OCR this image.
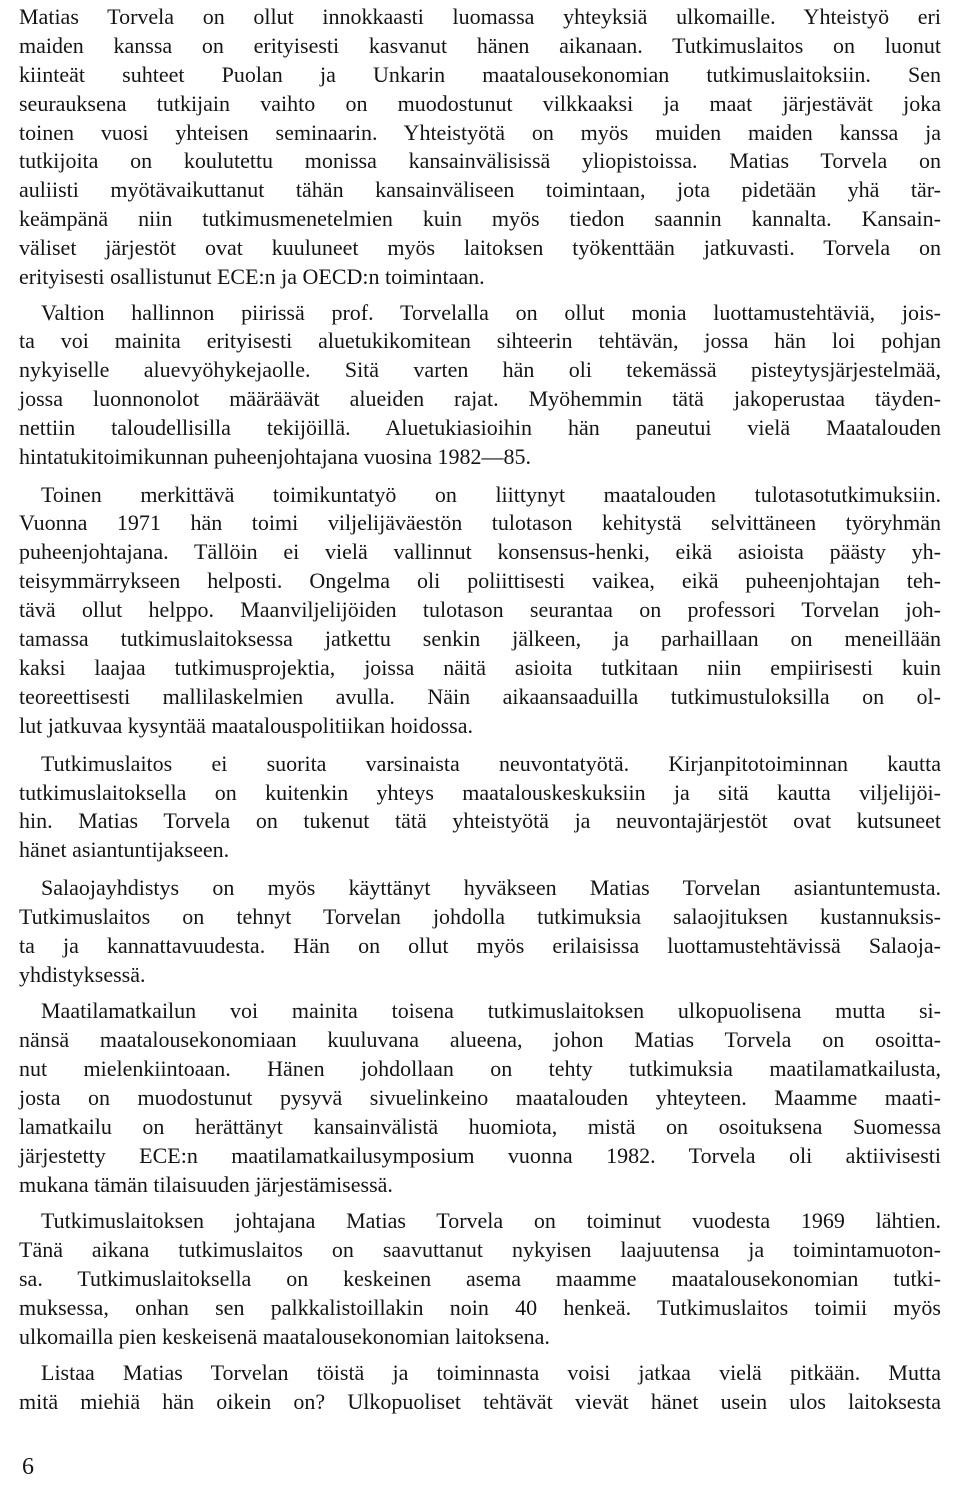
Matias Torvela on ollut innokkaasti luomassa yhteyksiä ulkomaille. Yhteistyö eri
maiden kanssa on erityisesti kasvanut hänen aikanaan. Tutkimuslaitos on luonut
kiinteät suhteet Puolan ja Unkarin maatalousekonomian tutkimuslaitoksiin. Sen
seurauksena tutkijain vaihto on muodostunut vilkkaaksi ja maat järjestävät joka
toinen vuosi yhteisen seminaarin. Yhteistyötä on myös muiden maiden kanssa ja
tutkijoita on koulutettu monissa kansainvälisissä yliopistoissa. Matias Torvela on
auliisti myötävaikuttanut tähän kansainväliseen toimintaan, jota pidetään yhä tär-
keämpänä niin tutkimusmenetelmien kuin myös tiedon saannin kannalta. Kansain-
väliset järjestöt ovat kuuluneet myös laitoksen työkenttään jatkuvasti. Torvela on
erityisesti osallistunut ECE:n ja OECD:n toimintaan.
Valtion hallinnon piirissä prof. Torvelalla on ollut monia luottamustehtäviä, jois-
ta voi mainita erityisesti aluetukikomitean sihteerin tehtävän, jossa hän loi pohjan
nykyiselle aluevyöhykejaolle. Sitä varten hän oli tekemässä pisteytysjärjestelmää,
jossa luonnonolot määräävät alueiden rajat. Myöhemmin tätä jakoperustaa täyden-
nettiin taloudellisilla tekijöillä. Aluetukiasioihin hän paneutui vielä Maatalouden
hintatukitoimikunnan puheenjohtajana vuosina 1982—85.
Toinen merkittävä toimikuntatyö on liittynyt maatalouden tulotasotutkimuksiin.
Vuonna 1971 hän toimi viljelijäväestön tulotason kehitystä selvittäneen työryhmän
puheenjohtajana. Tällöin ei vielä vallinnut konsensus-henki, eikä asioista päästy yh-
teisymmärrykseen helposti. Ongelma oli poliittisesti vaikea, eikä puheenjohtajan teh-
tävä ollut helppo. Maanviljelijöiden tulotason seurantaa on professori Torvelan joh-
tamassa tutkimuslaitoksessa jatkettu senkin jälkeen, ja parhaillaan on meneillään
kaksi laajaa tutkimusprojektia, joissa näitä asioita tutkitaan niin empiirisesti kuin
teoreettisesti mallilaskelmien avulla. Näin aikaansaaduilla tutkimustuloksilla on ol-
lut jatkuvaa kysyntää maatalouspolitiikan hoidossa.
Tutkimuslaitos ei suorita varsinaista neuvontatyötä. Kirjanpitotoiminnan kautta
tutkimuslaitoksella on kuitenkin yhteys maatalouskeskuksiin ja sitä kautta viljelijöi-
hin. Matias Torvela on tukenut tätä yhteistyötä ja neuvontajärjestöt ovat kutsuneet
hänet asiantuntijakseen.
Salaojayhdistys on myös käyttänyt hyväkseen Matias Torvelan asiantuntemusta.
Tutkimuslaitos on tehnyt Torvelan johdolla tutkimuksia salaojituksen kustannuksis-
ta ja kannattavuudesta. Hän on ollut myös erilaisissa luottamustehtävissä Salaoja-
yhdistyksessä.
Maatilamatkailun voi mainita toisena tutkimuslaitoksen ulkopuolisena mutta si-
nänsä maatalousekonomiaan kuuluvana alueena, johon Matias Torvela on osoitta-
nut mielenkiintoaan. Hänen johdollaan on tehty tutkimuksia maatilamatkailusta,
josta on muodostunut pysyvä sivuelinkeino maatalouden yhteyteen. Maamme maati-
lamatkailu on herättänyt kansainvälistä huomiota, mistä on osoituksena Suomessa
järjestetty ECE:n maatilamatkailusymposium vuonna 1982. Torvela oli aktiivisesti
mukana tämän tilaisuuden järjestämisessä.
Tutkimuslaitoksen johtajana Matias Torvela on toiminut vuodesta 1969 lähtien.
Tänä aikana tutkimuslaitos on saavuttanut nykyisen laajuutensa ja toimintamuoton-
sa. Tutkimuslaitoksella on keskeinen asema maamme maatalousekonomian tutki-
muksessa, onhan sen palkkalistoillakin noin 40 henkeä. Tutkimuslaitos toimii myös
ulkomailla pien keskeisenä maatalousekonomian laitoksena.
Listaa Matias Torvelan töistä ja toiminnasta voisi jatkaa vielä pitkään. Mutta
mitä miehiä hän oikein on? Ulkopuoliset tehtävät vievät hänet usein ulos laitoksesta
6
